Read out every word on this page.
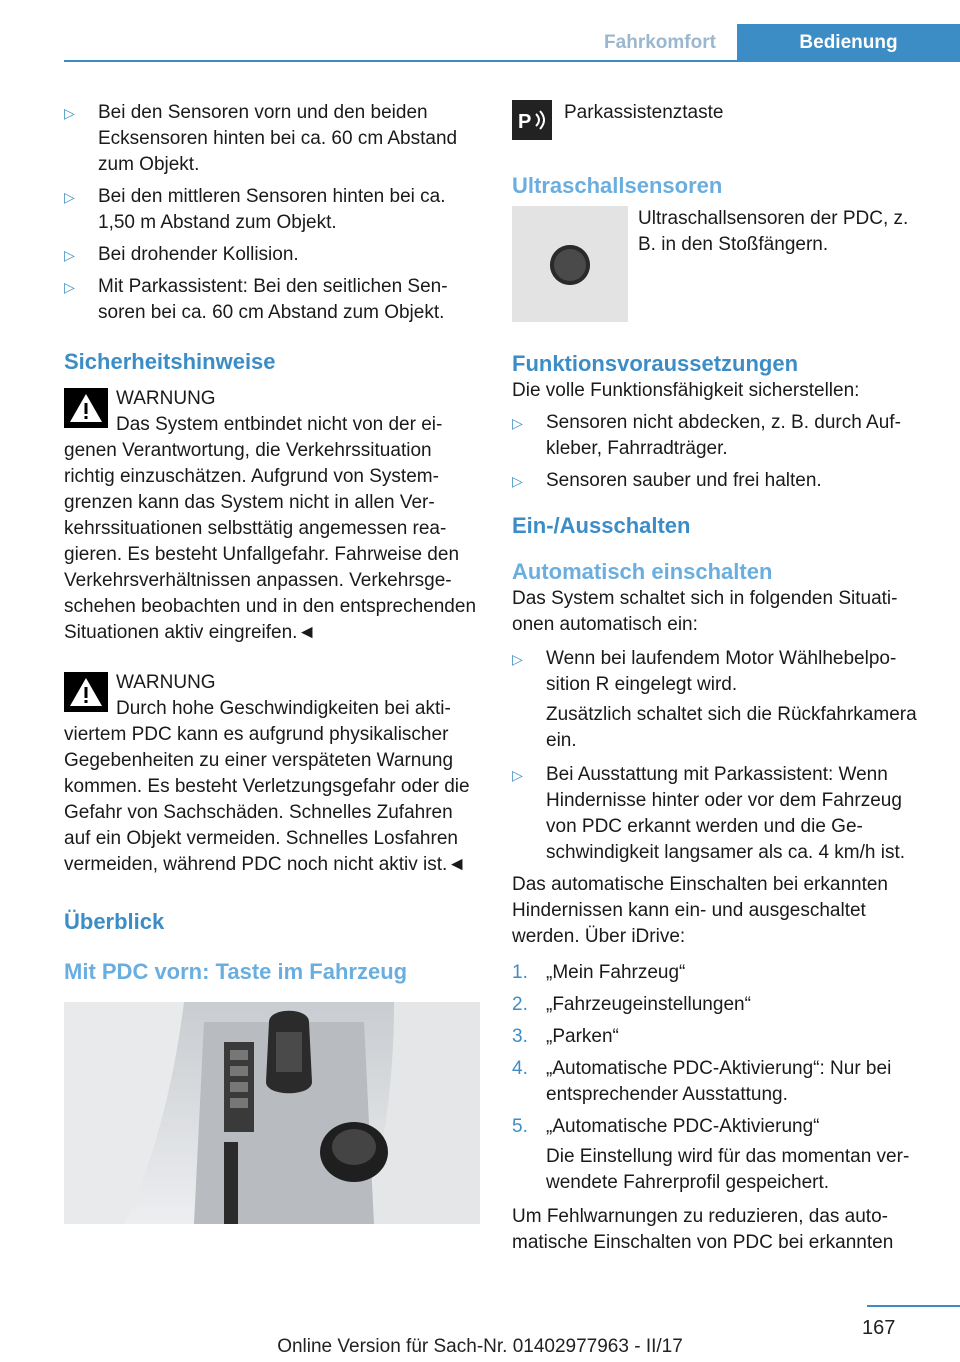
Fahrkomfort	Bedienung
▷	Bei den Sensoren vorn und den beiden Ecksensoren hinten bei ca. 60 cm Abstand zum Objekt.
▷	Bei den mittleren Sensoren hinten bei ca. 1,50 m Abstand zum Objekt.
▷	Bei drohender Kollision.
▷	Mit Parkassistent: Bei den seitlichen Sensoren bei ca. 60 cm Abstand zum Objekt.
Sicherheitshinweise

WARNUNG

Das System entbindet nicht von der eigenen Verantwortung, die Verkehrssituation richtig einzuschätzen. Aufgrund von Systemgrenzen kann das System nicht in allen Verkehrssituationen selbsttätig angemessen reagieren. Es besteht Unfallgefahr. Fahrweise den Verkehrsverhältnissen anpassen. Verkehrsgeschehen beobachten und in den entsprechenden Situationen aktiv eingreifen.◄

WARNUNG

Durch hohe Geschwindigkeiten bei aktiviertem PDC kann es aufgrund physikalischer Gegebenheiten zu einer verspäteten Warnung kommen. Es besteht Verletzungsgefahr oder die Gefahr von Sachschäden. Schnelles Zufahren auf ein Objekt vermeiden. Schnelles Losfahren vermeiden, während PDC noch nicht aktiv ist.◄

Überblick
Mit PDC vorn: Taste im Fahrzeug
P Parkassistenztaste
Ultraschallsensoren

Ultraschallsensoren der PDC, z. B. in den Stoßfängern.

Funktionsvoraussetzungen

Die volle Funktionsfähigkeit sicherstellen:

▷	Sensoren nicht abdecken, z. B. durch Aufkleber, Fahrradträger.
▷	Sensoren sauber und frei halten.
Ein-/Ausschalten
Automatisch einschalten

Das System schaltet sich in folgenden Situationen automatisch ein:

▷	Wenn bei laufendem Motor Wählhebelposition R eingelegt wird.

Zusätzlich schaltet sich die Rückfahrkamera ein.

▷	Bei Ausstattung mit Parkassistent: Wenn Hindernisse hinter oder vor dem Fahrzeug von PDC erkannt werden und die Geschwindigkeit langsamer als ca. 4 km/h ist.

Das automatische Einschalten bei erkannten Hindernissen kann ein- und ausgeschaltet werden. Über iDrive:

1. „Mein Fahrzeug“
2. „Fahrzeugeinstellungen“
3. „Parken“
4. „Automatische PDC-Aktivierung“: Nur bei entsprechender Ausstattung.
5. „Automatische PDC-Aktivierung“

Die Einstellung wird für das momentan verwendete Fahrerprofil gespeichert.

Um Fehlwarnungen zu reduzieren, das automatische Einschalten von PDC bei erkannten

167
Online Version für Sach-Nr. 01402977963 - II/17
